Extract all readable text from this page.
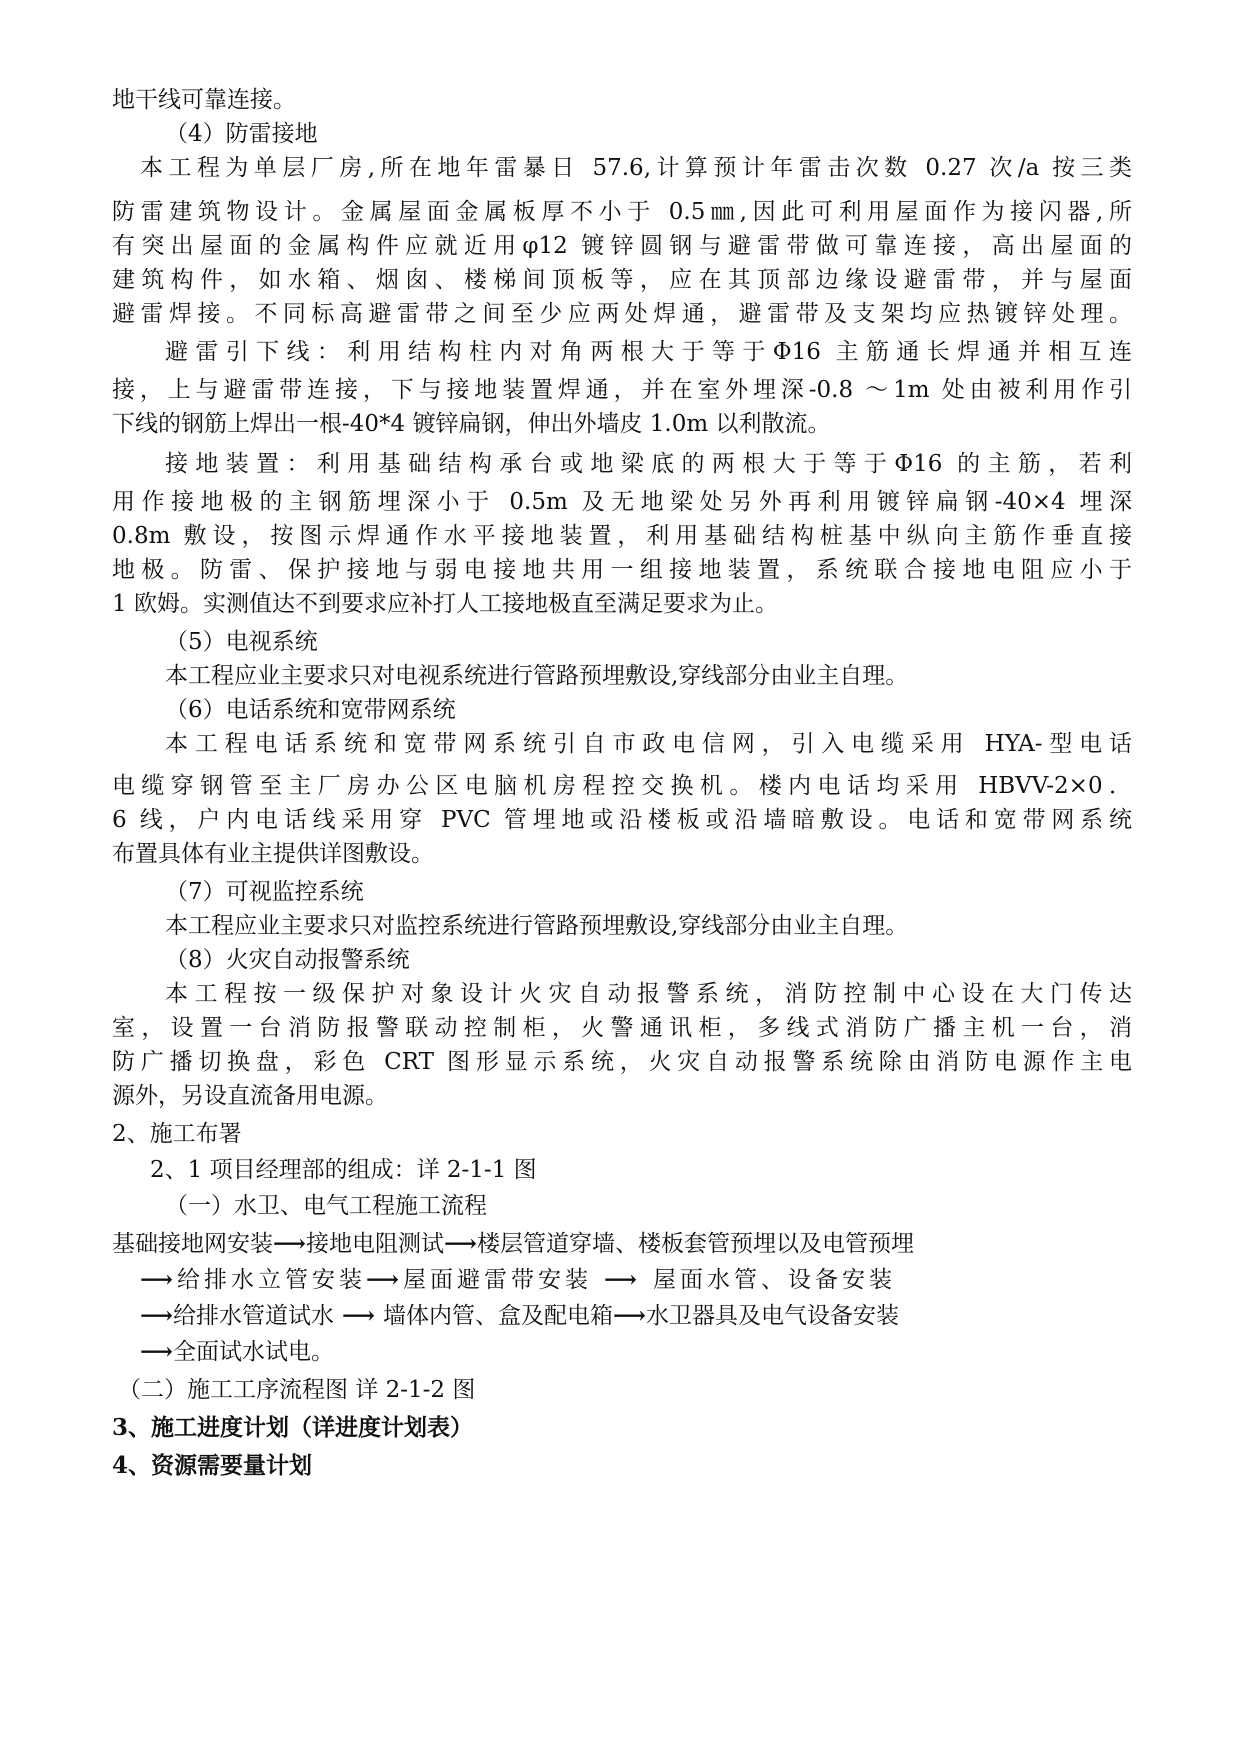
地干线可靠连接。
（4）防雷接地
本工程为单层厂房,所在地年雷暴日 57.6,计算预计年雷击次数 0.27 次/a 按三类
防雷建筑物设计。金属屋面金属板厚不小于 0.5㎜,因此可利用屋面作为接闪器,所
有突出屋面的金属构件应就近用φ12 镀锌圆钢与避雷带做可靠连接，高出屋面的
建筑构件，如水箱、烟囱、楼梯间顶板等，应在其顶部边缘设避雷带，并与屋面
避雷焊接。不同标高避雷带之间至少应两处焊通，避雷带及支架均应热镀锌处理。
避雷引下线：利用结构柱内对角两根大于等于Φ16 主筋通长焊通并相互连
接，上与避雷带连接，下与接地装置焊通，并在室外埋深-0.8 ～1m 处由被利用作引
下线的钢筋上焊出一根-40*4 镀锌扁钢，伸出外墙皮 1.0m 以利散流。
接地装置：利用基础结构承台或地梁底的两根大于等于Φ16 的主筋，若利
用作接地极的主钢筋埋深小于 0.5m 及无地梁处另外再利用镀锌扁钢-40×4 埋深
0.8m 敷设，按图示焊通作水平接地装置，利用基础结构桩基中纵向主筋作垂直接
地极。防雷、保护接地与弱电接地共用一组接地装置，系统联合接地电阻应小于
1 欧姆。实测值达不到要求应补打人工接地极直至满足要求为止。
（5）电视系统
本工程应业主要求只对电视系统进行管路预埋敷设,穿线部分由业主自理。
（6）电话系统和宽带网系统
本工程电话系统和宽带网系统引自市政电信网，引入电缆采用 HYA-型电话
电缆穿钢管至主厂房办公区电脑机房程控交换机。楼内电话均采用 HBVV-2×0．
6 线，户内电话线采用穿 PVC 管埋地或沿楼板或沿墙暗敷设。电话和宽带网系统
布置具体有业主提供详图敷设。
（7）可视监控系统
本工程应业主要求只对监控系统进行管路预埋敷设,穿线部分由业主自理。
（8）火灾自动报警系统
本工程按一级保护对象设计火灾自动报警系统，消防控制中心设在大门传达
室，设置一台消防报警联动控制柜，火警通讯柜，多线式消防广播主机一台，消
防广播切换盘，彩色 CRT 图形显示系统，火灾自动报警系统除由消防电源作主电
源外，另设直流备用电源。
2、施工布署
2、1 项目经理部的组成：详 2-1-1 图
（一）水卫、电气工程施工流程
基础接地网安装⟶接地电阻测试⟶楼层管道穿墙、楼板套管预埋以及电管预埋
⟶给排水立管安装⟶屋面避雷带安装 ⟶ 屋面水管、设备安装
⟶给排水管道试水 ⟶ 墙体内管、盒及配电箱⟶水卫器具及电气设备安装
⟶全面试水试电。
（二）施工工序流程图 详 2-1-2 图
3、施工进度计划（详进度计划表）
4、资源需要量计划
